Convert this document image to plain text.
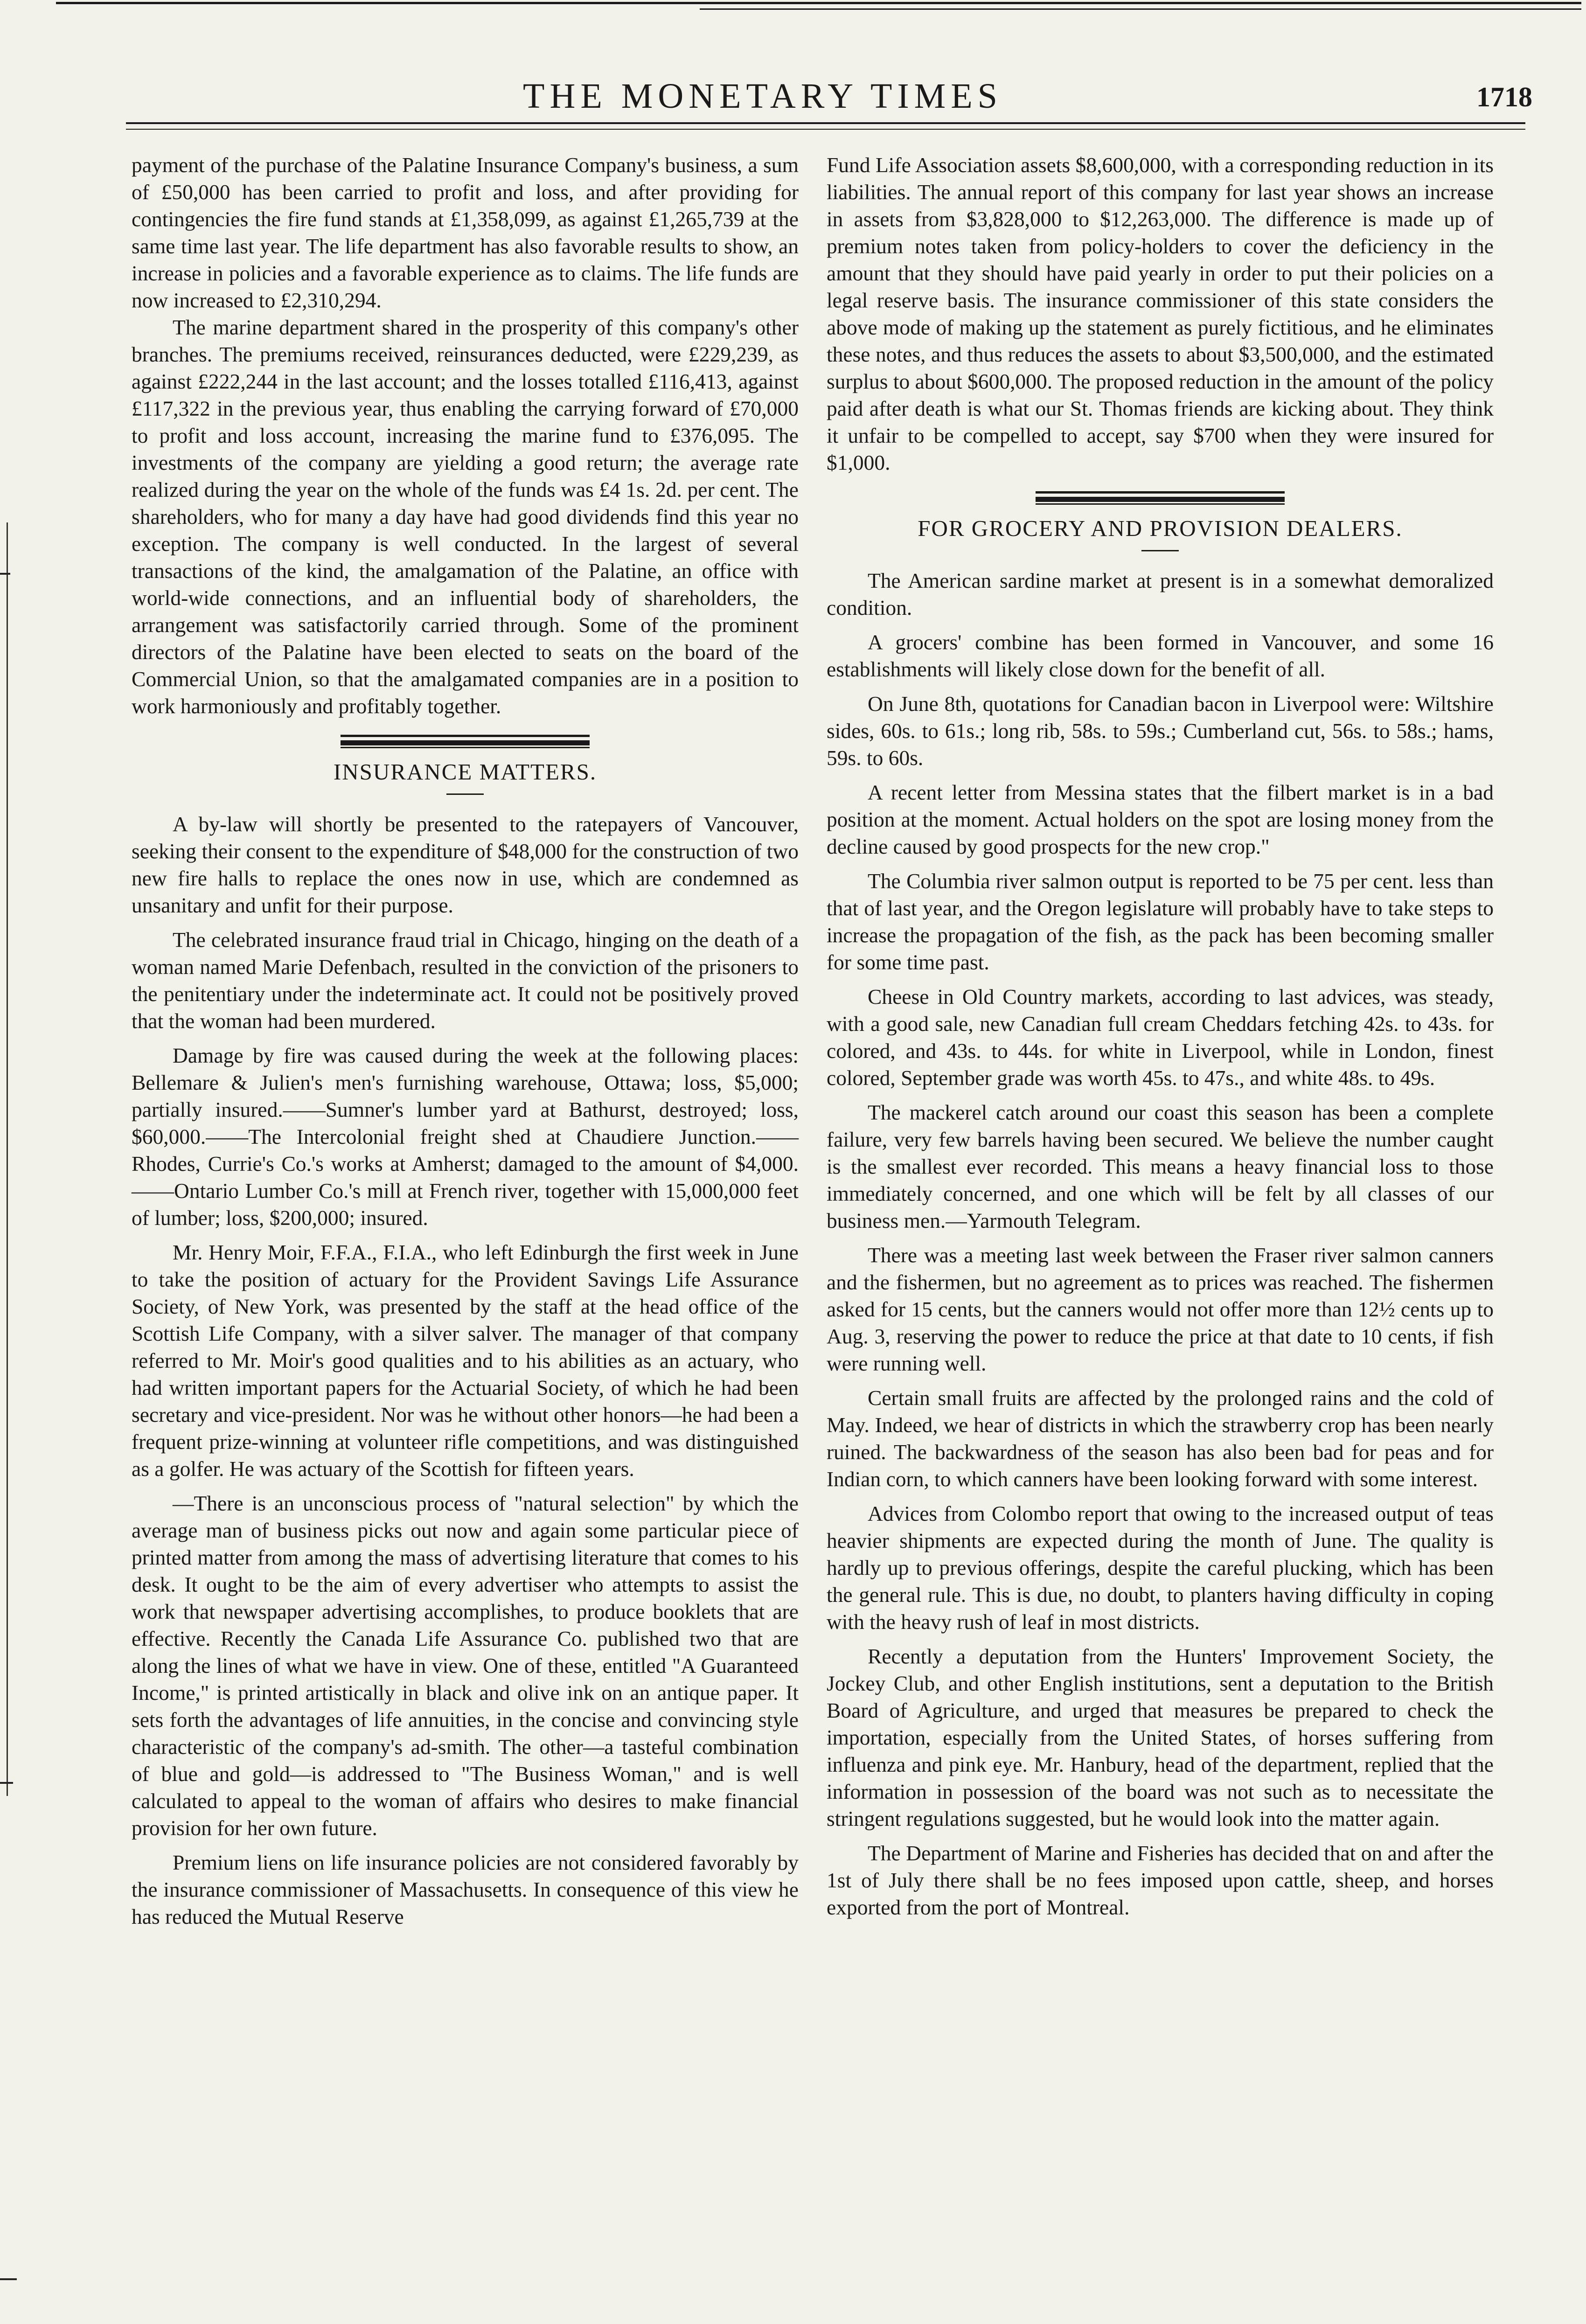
THE MONETARY TIMES	1718

payment of the purchase of the Palatine Insurance Company's business, a sum of £50,000 has been carried to profit and loss, and after providing for contingencies the fire fund stands at £1,358,099, as against £1,265,739 at the same time last year. The life department has also favorable results to show, an increase in policies and a favorable experience as to claims. The life funds are now increased to £2,310,294.

The marine department shared in the prosperity of this company's other branches. The premiums received, reinsurances deducted, were £229,239, as against £222,244 in the last account; and the losses totalled £116,413, against £117,322 in the previous year, thus enabling the carrying forward of £70,000 to profit and loss account, increasing the marine fund to £376,095. The investments of the company are yielding a good return; the average rate realized during the year on the whole of the funds was £4 1s. 2d. per cent. The shareholders, who for many a day have had good dividends find this year no exception. The company is well conducted. In the largest of several transactions of the kind, the amalgamation of the Palatine, an office with world-wide connections, and an influential body of shareholders, the arrangement was satisfactorily carried through. Some of the prominent directors of the Palatine have been elected to seats on the board of the Commercial Union, so that the amalgamated companies are in a position to work harmoniously and profitably together.

INSURANCE MATTERS.

A by-law will shortly be presented to the ratepayers of Vancouver, seeking their consent to the expenditure of $48,000 for the construction of two new fire halls to replace the ones now in use, which are condemned as unsanitary and unfit for their purpose.

The celebrated insurance fraud trial in Chicago, hinging on the death of a woman named Marie Defenbach, resulted in the conviction of the prisoners to the penitentiary under the indeterminate act. It could not be positively proved that the woman had been murdered.

Damage by fire was caused during the week at the following places: Bellemare & Julien's men's furnishing warehouse, Ottawa; loss, $5,000; partially insured.——Sumner's lumber yard at Bathurst, destroyed; loss, $60,000.——The Intercolonial freight shed at Chaudiere Junction.——Rhodes, Currie's Co.'s works at Amherst; damaged to the amount of $4,000.——Ontario Lumber Co.'s mill at French river, together with 15,000,000 feet of lumber; loss, $200,000; insured.

Mr. Henry Moir, F.F.A., F.I.A., who left Edinburgh the first week in June to take the position of actuary for the Provident Savings Life Assurance Society, of New York, was presented by the staff at the head office of the Scottish Life Company, with a silver salver. The manager of that company referred to Mr. Moir's good qualities and to his abilities as an actuary, who had written important papers for the Actuarial Society, of which he had been secretary and vice-president. Nor was he without other honors—he had been a frequent prize-winning at volunteer rifle competitions, and was distinguished as a golfer. He was actuary of the Scottish for fifteen years.

—There is an unconscious process of "natural selection" by which the average man of business picks out now and again some particular piece of printed matter from among the mass of advertising literature that comes to his desk. It ought to be the aim of every advertiser who attempts to assist the work that newspaper advertising accomplishes, to produce booklets that are effective. Recently the Canada Life Assurance Co. published two that are along the lines of what we have in view. One of these, entitled "A Guaranteed Income," is printed artistically in black and olive ink on an antique paper. It sets forth the advantages of life annuities, in the concise and convincing style characteristic of the company's ad-smith. The other—a tasteful combination of blue and gold—is addressed to "The Business Woman," and is well calculated to appeal to the woman of affairs who desires to make financial provision for her own future.

Premium liens on life insurance policies are not considered favorably by the insurance commissioner of Massachusetts. In consequence of this view he has reduced the Mutual Reserve

Fund Life Association assets $8,600,000, with a corresponding reduction in its liabilities. The annual report of this company for last year shows an increase in assets from $3,828,000 to $12,263,000. The difference is made up of premium notes taken from policy-holders to cover the deficiency in the amount that they should have paid yearly in order to put their policies on a legal reserve basis. The insurance commissioner of this state considers the above mode of making up the statement as purely fictitious, and he eliminates these notes, and thus reduces the assets to about $3,500,000, and the estimated surplus to about $600,000. The proposed reduction in the amount of the policy paid after death is what our St. Thomas friends are kicking about. They think it unfair to be compelled to accept, say $700 when they were insured for $1,000.

FOR GROCERY AND PROVISION DEALERS.

The American sardine market at present is in a somewhat demoralized condition.

A grocers' combine has been formed in Vancouver, and some 16 establishments will likely close down for the benefit of all.

On June 8th, quotations for Canadian bacon in Liverpool were: Wiltshire sides, 60s. to 61s.; long rib, 58s. to 59s.; Cumberland cut, 56s. to 58s.; hams, 59s. to 60s.

A recent letter from Messina states that the filbert market is in a bad position at the moment. Actual holders on the spot are losing money from the decline caused by good prospects for the new crop."

The Columbia river salmon output is reported to be 75 per cent. less than that of last year, and the Oregon legislature will probably have to take steps to increase the propagation of the fish, as the pack has been becoming smaller for some time past.

Cheese in Old Country markets, according to last advices, was steady, with a good sale, new Canadian full cream Cheddars fetching 42s. to 43s. for colored, and 43s. to 44s. for white in Liverpool, while in London, finest colored, September grade was worth 45s. to 47s., and white 48s. to 49s.

The mackerel catch around our coast this season has been a complete failure, very few barrels having been secured. We believe the number caught is the smallest ever recorded. This means a heavy financial loss to those immediately concerned, and one which will be felt by all classes of our business men.—Yarmouth Telegram.

There was a meeting last week between the Fraser river salmon canners and the fishermen, but no agreement as to prices was reached. The fishermen asked for 15 cents, but the canners would not offer more than 12½ cents up to Aug. 3, reserving the power to reduce the price at that date to 10 cents, if fish were running well.

Certain small fruits are affected by the prolonged rains and the cold of May. Indeed, we hear of districts in which the strawberry crop has been nearly ruined. The backwardness of the season has also been bad for peas and for Indian corn, to which canners have been looking forward with some interest.

Advices from Colombo report that owing to the increased output of teas heavier shipments are expected during the month of June. The quality is hardly up to previous offerings, despite the careful plucking, which has been the general rule. This is due, no doubt, to planters having difficulty in coping with the heavy rush of leaf in most districts.

Recently a deputation from the Hunters' Improvement Society, the Jockey Club, and other English institutions, sent a deputation to the British Board of Agriculture, and urged that measures be prepared to check the importation, especially from the United States, of horses suffering from influenza and pink eye. Mr. Hanbury, head of the department, replied that the information in possession of the board was not such as to necessitate the stringent regulations suggested, but he would look into the matter again.

The Department of Marine and Fisheries has decided that on and after the 1st of July there shall be no fees imposed upon cattle, sheep, and horses exported from the port of Montreal.
